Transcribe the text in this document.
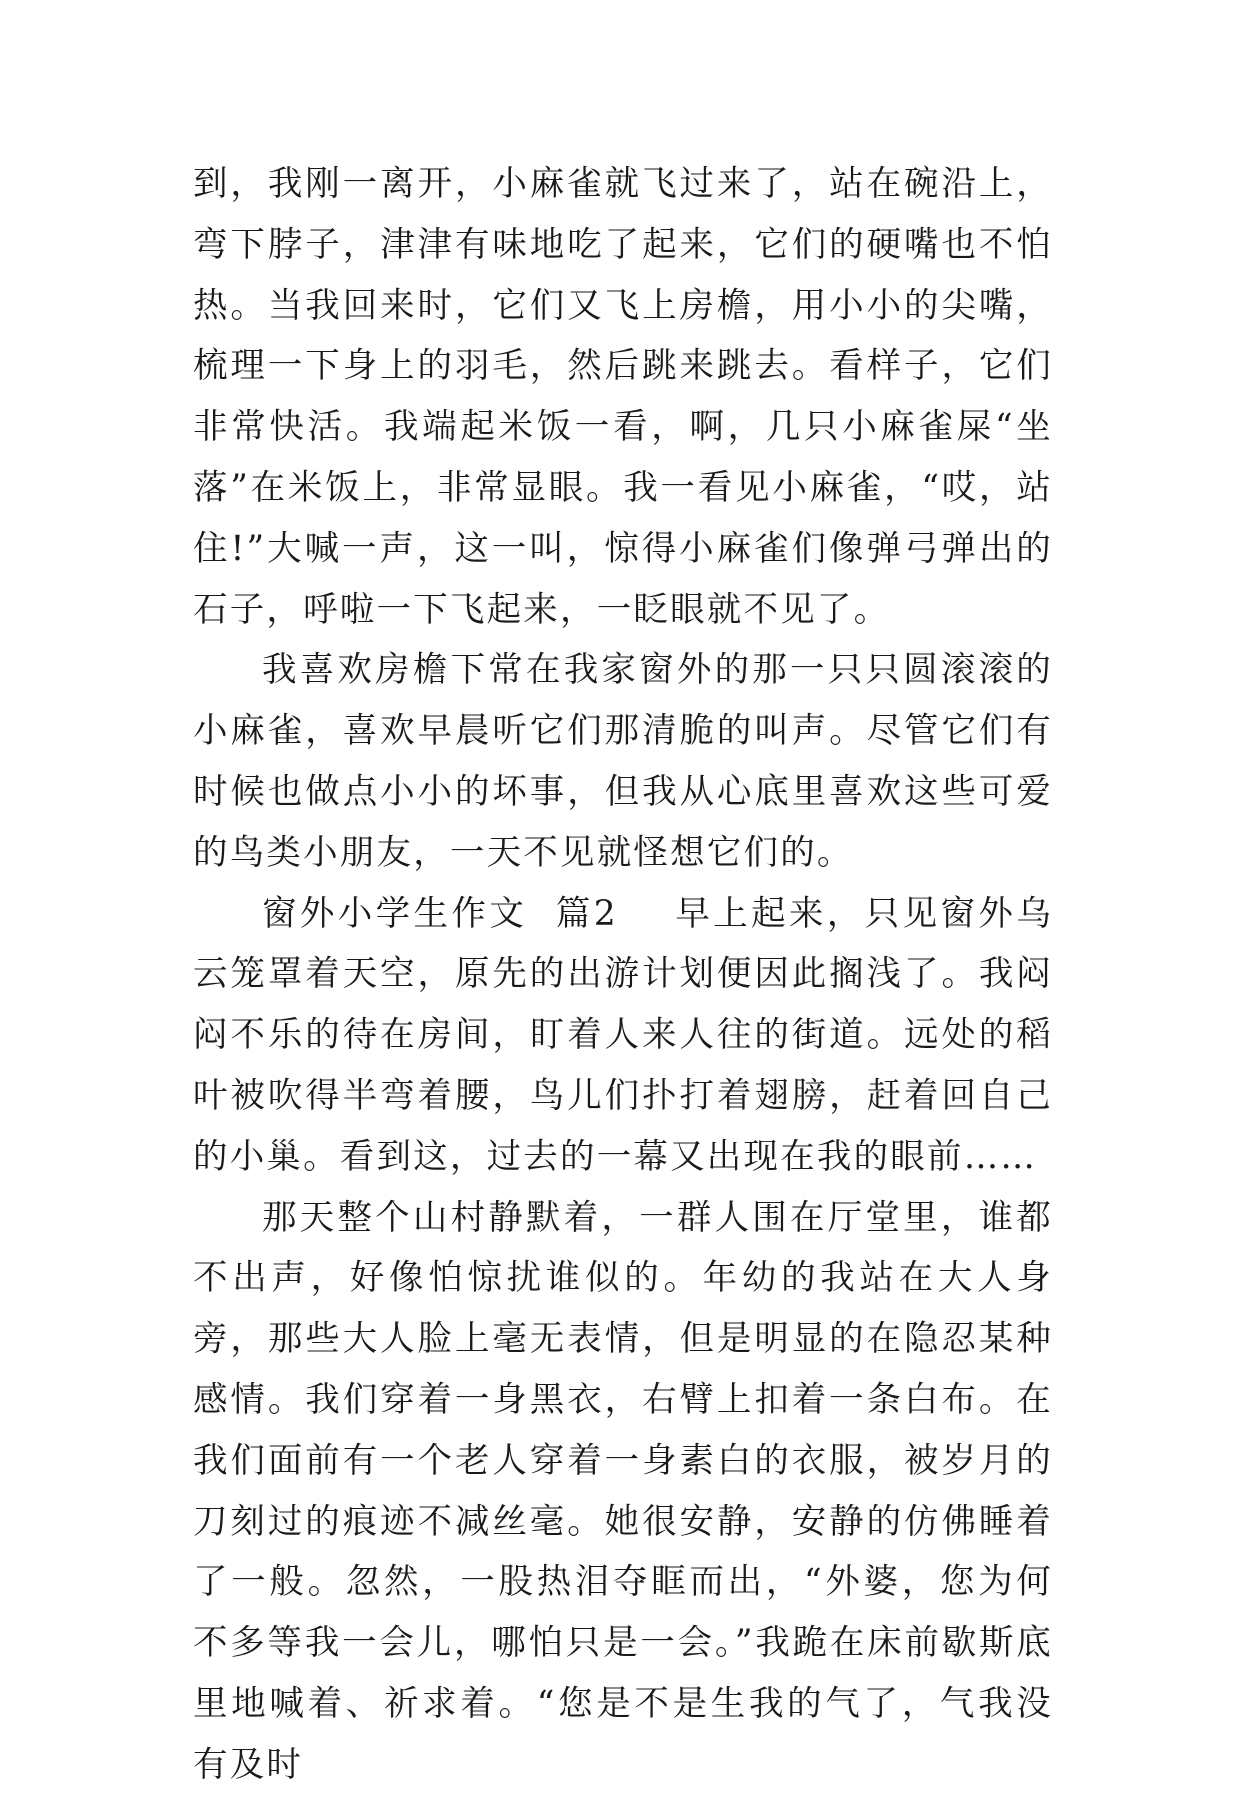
到，我刚一离开，小麻雀就飞过来了，站在碗沿上，弯下脖子，津津有味地吃了起来，它们的硬嘴也不怕热。当我回来时，它们又飞上房檐，用小小的尖嘴，梳理一下身上的羽毛，然后跳来跳去。看样子，它们非常快活。我端起米饭一看，啊，几只小麻雀屎“坐落”在米饭上，非常显眼。我一看见小麻雀，“哎，站住!”大喊一声，这一叫，惊得小麻雀们像弹弓弹出的石子，呼啦一下飞起来，一眨眼就不见了。

我喜欢房檐下常在我家窗外的那一只只圆滚滚的小麻雀，喜欢早晨听它们那清脆的叫声。尽管它们有时候也做点小小的坏事，但我从心底里喜欢这些可爱的鸟类小朋友，一天不见就怪想它们的。

窗外小学生作文  篇2   早上起来，只见窗外乌云笼罩着天空，原先的出游计划便因此搁浅了。我闷闷不乐的待在房间，盯着人来人往的街道。远处的稻叶被吹得半弯着腰，鸟儿们扑打着翅膀，赶着回自己的小巢。看到这，过去的一幕又出现在我的眼前……

那天整个山村静默着，一群人围在厅堂里，谁都不出声，好像怕惊扰谁似的。年幼的我站在大人身旁，那些大人脸上毫无表情，但是明显的在隐忍某种感情。我们穿着一身黑衣，右臂上扣着一条白布。在我们面前有一个老人穿着一身素白的衣服，被岁月的刀刻过的痕迹不减丝毫。她很安静，安静的仿佛睡着了一般。忽然，一股热泪夺眶而出，“外婆，您为何不多等我一会儿，哪怕只是一会。”我跪在床前歇斯底里地喊着、祈求着。“您是不是生我的气了，气我没有及时
